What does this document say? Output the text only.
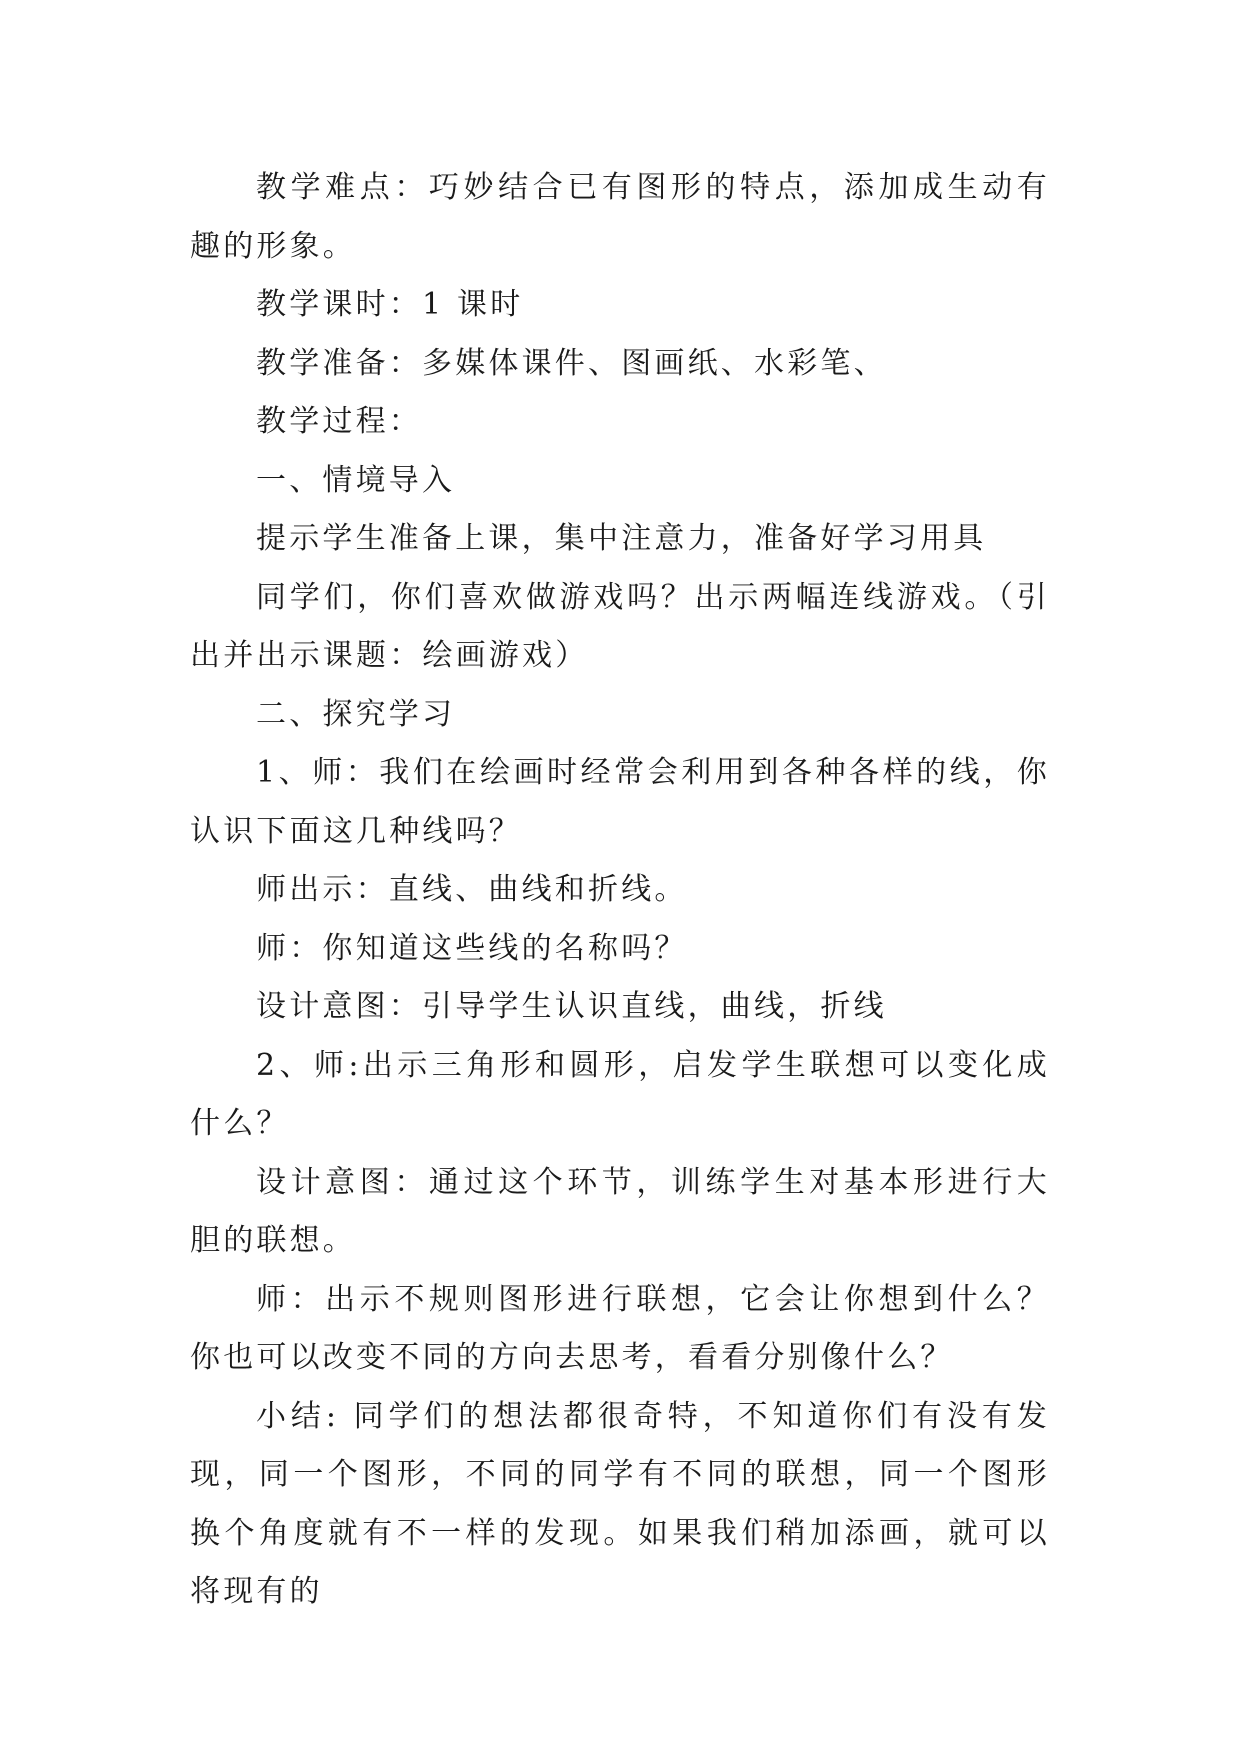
教学难点：巧妙结合已有图形的特点，添加成生动有趣的形象。

教学课时：1 课时

教学准备：多媒体课件、图画纸、水彩笔、

教学过程：

一、情境导入

提示学生准备上课，集中注意力，准备好学习用具

同学们，你们喜欢做游戏吗？出示两幅连线游戏。（引出并出示课题：绘画游戏）

二、探究学习

1、师：我们在绘画时经常会利用到各种各样的线，你认识下面这几种线吗？

师出示：直线、曲线和折线。

师：你知道这些线的名称吗？

设计意图：引导学生认识直线，曲线，折线

2、师:出示三角形和圆形，启发学生联想可以变化成什么？

设计意图：通过这个环节，训练学生对基本形进行大胆的联想。

师：出示不规则图形进行联想，它会让你想到什么？你也可以改变不同的方向去思考，看看分别像什么？

小结: 同学们的想法都很奇特，不知道你们有没有发现，同一个图形，不同的同学有不同的联想，同一个图形换个角度就有不一样的发现。如果我们稍加添画，就可以将现有的
